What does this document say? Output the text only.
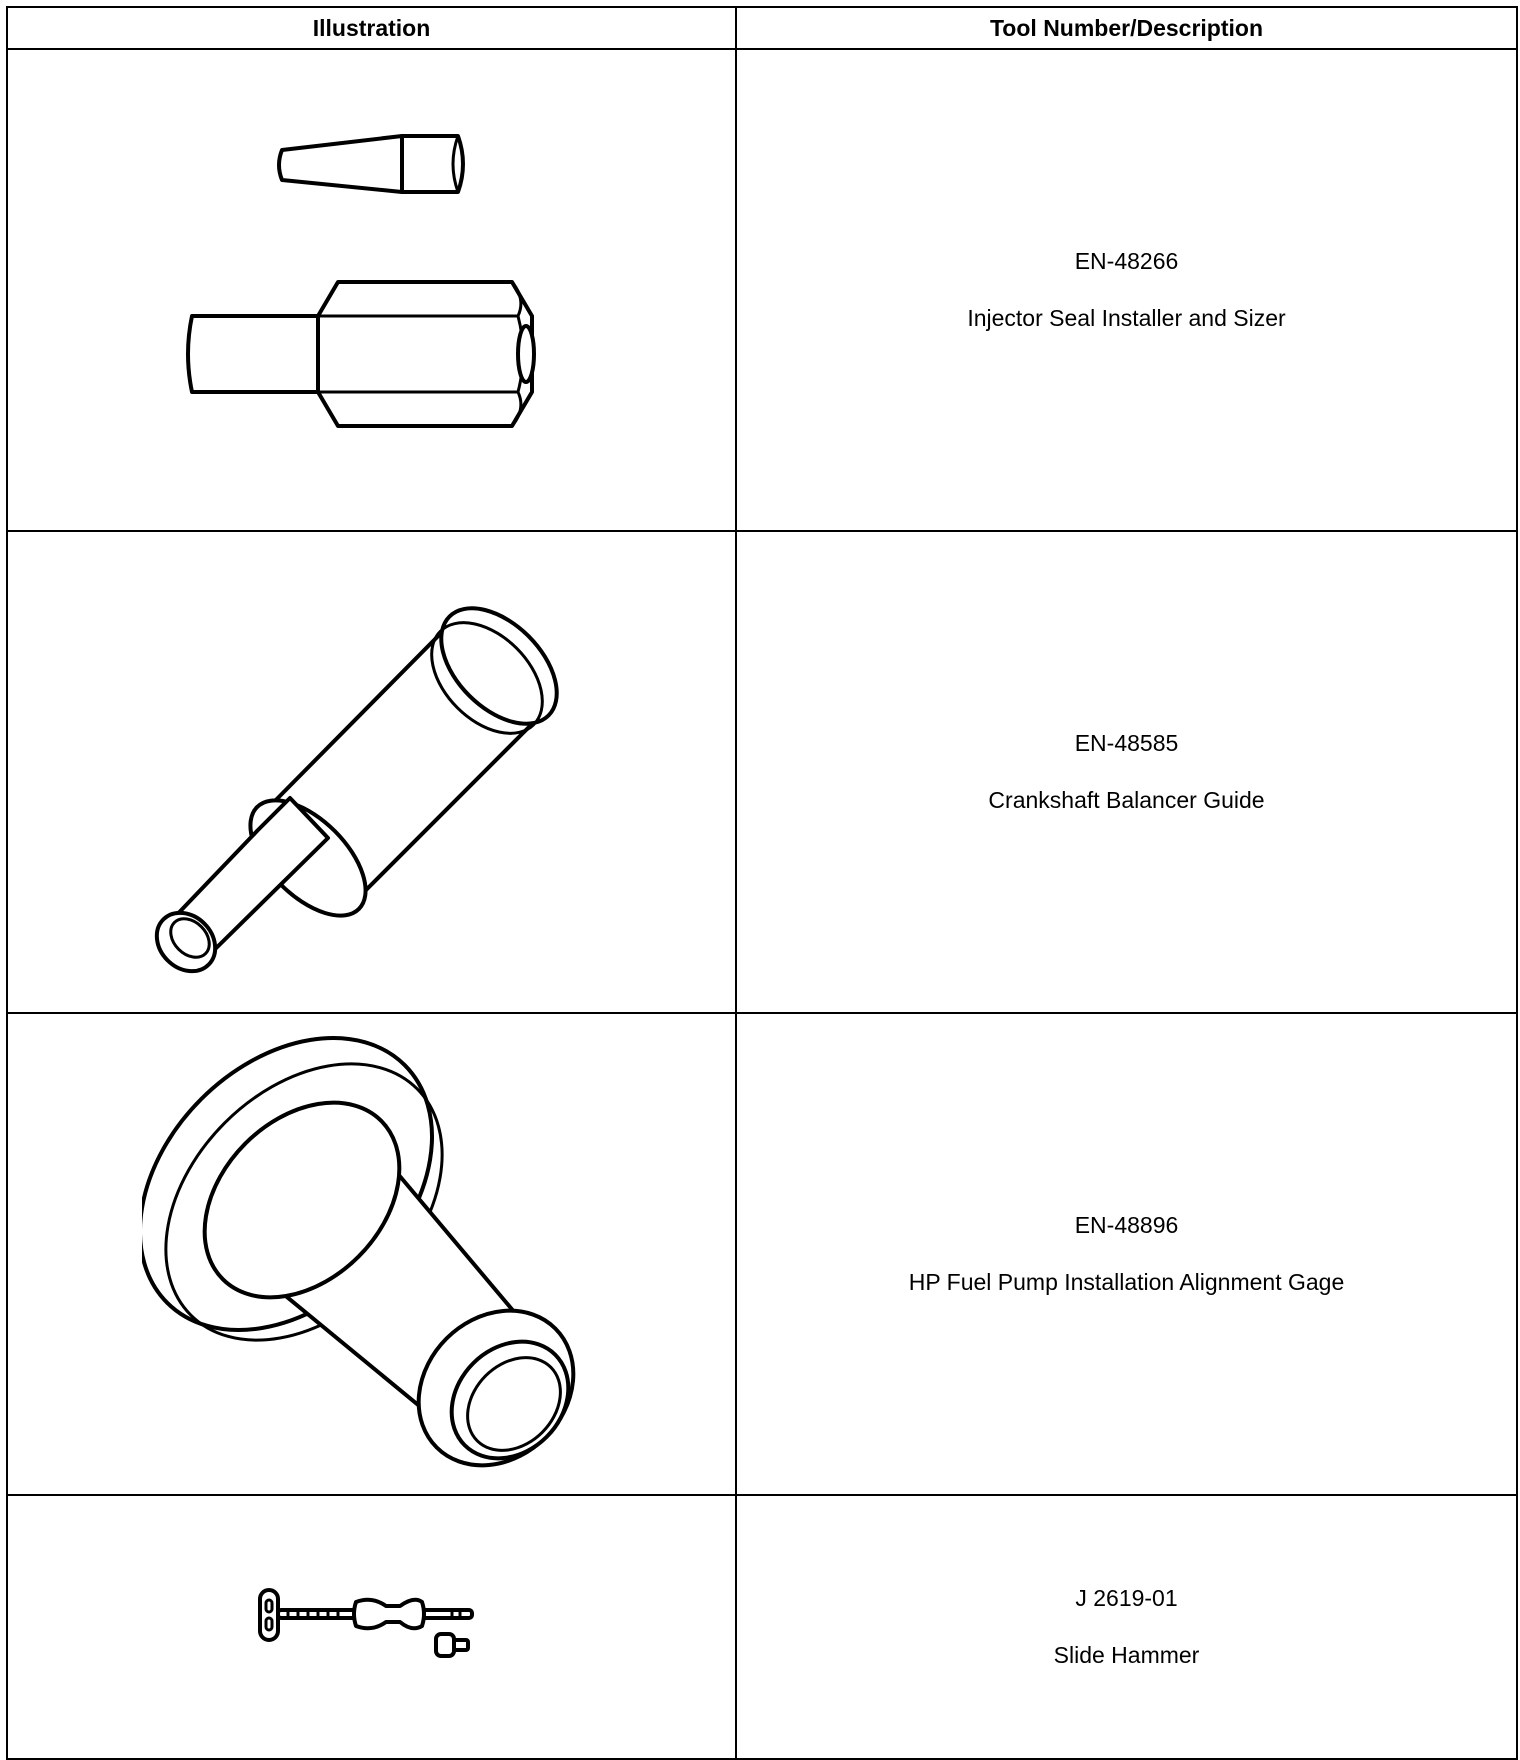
Illustration	Tool Number/Description

EN-48266
Injector Seal Installer and Sizer

EN-48585
Crankshaft Balancer Guide

EN-48896
HP Fuel Pump Installation Alignment Gage

J 2619-01
Slide Hammer
